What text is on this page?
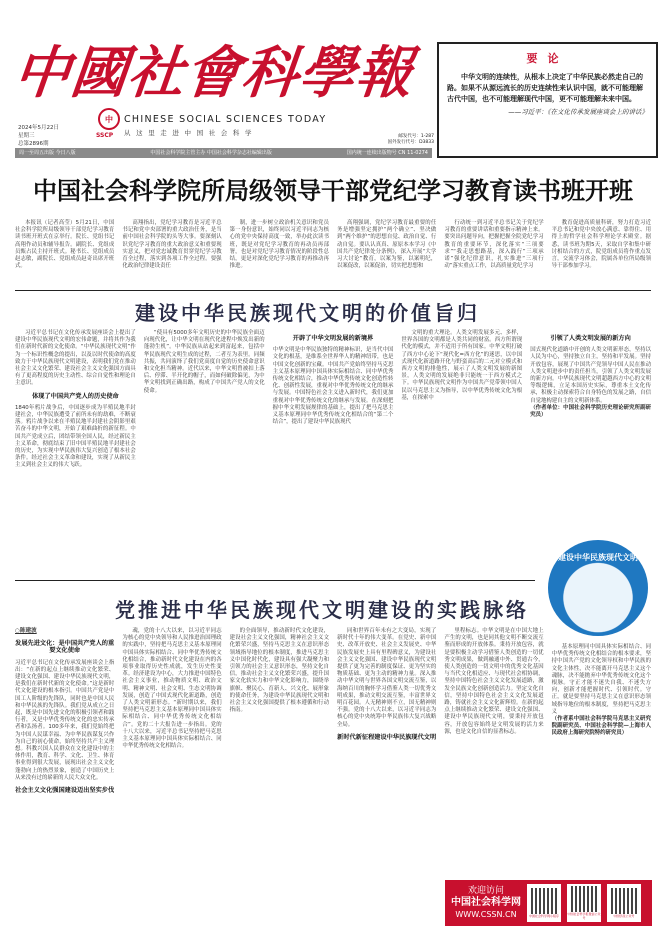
中國社會科學報
2024年5月22日
星期三
总第2896期
中
SSCP
CHINESE SOCIAL SCIENCES TODAY
从这里走进中国社会科学	邮发代号：1-287
国外发行代号：D3833
周一至周五出版 今日八版	中国社会科学院主管主办 中国社会科学杂志社编辑出版	国内统一连续出版物号 CN 11-0274
要论

中华文明的连续性，从根本上决定了中华民族必然走自己的路。如果不从源远流长的历史连续性来认识中国，就不可能理解古代中国，也不可能理解现代中国，更不可能理解未来中国。

——习近平：《在文化传承发展座谈会上的讲话》
中国社会科学院所局级领导干部党纪学习教育读书班开班
本报讯（记者高莹）5月21日，中国社会科学院所局级领导干部党纪学习教育读书班开班式在京举行。院长、党组书记高翔作动员和辅导报告。副院长、党组成员甄占民主持开班式。秘书长、党组成员赵志敏，副院长、党组成员赵奇出席开班式。
高翔指出，党纪学习教育是习近平总书记和党中央部署的重大政治任务，是当前中国社会科学院的头等大事。要深刻认识党纪学习教育的重大政治意义和重要现实意义，把对党忠诚教育贯穿党纪学习教育全过程，落实到各项工作全过程。要强化政治纪律建设责任
制，进一步树立政治机关意识和党员第一身份意识，始终同以习近平同志为核心的党中央保持高度一致，举办此次读书班，既是对党纪学习教育的再动员再部署，也是对党纪学习教育情况的阶段性总结，更是对深化党纪学习教育的再推动再推进。
高翔强调，党纪学习教育最重要的任务是增强坚定拥护“两个确立”、坚决做到“两个维护”的思想自觉、政治自觉、行动自觉。要认认真真、原原本本学习《中国共产党纪律处分条例》，深入开展“大学习大讨论”教育，以案为鉴，以案明纪，以案促改，以案促治，切实把思想和
行动统一到习近平总书记关于党纪学习教育的重要讲话和重要指示精神上来。要突出问题导向，把握把握全院党纪学习教育的重要环节，深化落实“三项要求”“我走思想路基，深入践行”三项承诺”强化纪律意识，扎实推进“三项行动”落实重点工作，以高质量党纪学习
教育促进高质量科研，努力打造习近平总书记和党中央放心满意、靠得住、用得上的哲学社会科学理论学术殿堂。据悉，读书班为期5天，采取自学和集中研讨相结合的方式，院党组成员将作重点发言，交流学习体会，院属各单位所局级领导干部参加学习。
建设中华民族现代文明的价值旨归
习近平总书记在文化传承发展座谈会上提出了建设中华民族现代文明的宏伟命题，并将其作为我们在新时代新的文化使命。“中华民族现代文明”作为一个标识性概念的提出，以及以时代使命的高度致力于中华民族现代文明建设，表明我们党在推动社会主义文化繁荣、建设社会主义文化强国方面具有了更高程度的历史主动性、综合自觉性和理论自主意识。
体现了中国共产党人的历史使命
1840年鸦片战争后，中国逐步成为半殖民地半封建社会，中华民族遭受了前所未有的劫难，不断衰落。鸦片战争以来在半殖民地半封建社会阴影里艰苦奋斗的中华文明，开始了艰难曲折的新征程。中国共产党成立后，团结带领全国人民，经过新民主主义革命，彻底结束了旧中国半殖民地半封建社会的历史，为实现中华民族伟大复兴创造了根本社会条件。经过社会主义革命和建设，实现了从新民主主义到社会主义的伟大飞跃。
“使具有5000多年文明历史的中华民族全面迈向现代化，让中华文明在现代化进程中焕发出新的蓬勃生机”。中华民族从站起来到富起来，包括中华民族现代文明生成的过程，二者互为表里。同频共振，共同演绎了我们党高度自觉的历史使命意识和文化担当精神。近代以来，中华文明曾被扣上落后、停滞、半开化的帽子，而如何破除偏见，为中华文明找到正确出路，构成了中国共产党人的文化使命。
开辟了中华文明发展的新境界
中华文明是中华民族独特的精神标识，是当代中国文化的根基，是维系全世界华人的精神纽带，也是中国文化创新的宝藏。中国共产党始终坚持马克思主义基本原理同中国具体实际相结合、同中华优秀传统文化相结合，推动中华优秀传统文化创造性转化、创新性发展，重视对中华优秀传统文化的继承与发展。中国特色社会主义进入新时代，我们更加重视对中华优秀传统文化的继承与发展。在深刻把握中华文明发展规律的基础上，提出了把马克思主义基本原理同中华优秀传统文化相结合的“第二个结合”，提出了建设中华民族现代
文明的重大理论。人类文明发展多元、多样，世界各国的文明都是人类共同的财富。西方所谓现代化的模式，并不适用于所有国家。中华文明打破了西方中心论下“现代化=西方化”的迷思，以中国式现代化新道路开化与野蛮高后的二元对立模式和西方文明的排他性，展示了人类文明发展的新图景，人类文明的发展绝非只能统一于西方模式之下。中华民族现代文明作为中国共产党带领中国人民以马克思主义为指导，以中华优秀传统文化为根基，在探索中
引领了人类文明发展的新方向
国式现代化道路中开创的人类文明新形态，坚持以人民为中心，坚持独立自主，坚持和平发展。坚持开放包容，展现了中国共产党领导中国人民在推动人类文明进步中的责任担当，引领了人类文明发展的新方向。中华民族现代文明超越西方中心的文明等级逻辑，立足本国历史实际，尊重本土文化传承，积极主动探索符合自身特色的发展之路，自信自觉地构建自主的文明新体系。
（作者单位：中国社会科学院历史理论研究所副研究员）
建设中华民族现代文明
党推进中华民族现代文明建设的实践脉络
○陈建波
发展先进文化：是中国共产党人的重要文化使命
习近平总书记在文化传承发展座谈会上指出：“在新的起点上继续推动文化繁荣、建设文化强国、建设中华民族现代文明，是我们在新时代新的文化使命。”这是新时代文化建设的根本指引。中国共产党是中国工人阶级的先锋队，同时也是中国人民和中华民族的先锋队。我们党从成立之日起，既是中国先进文化的积极引领者和践行者，又是中华优秀传统文化的忠实传承者和弘扬者。100多年来，我们党始终把为中国人民谋幸福、为中华民族谋复兴作为自己的初心使命，始终坚持共产主义理想。科教兴国人民群众在文化建设中的主体作用，教育、科学、文化、卫生、体育事业得到很大发展，展现出社会主义文化蓬勃向上的热烈景象，创造了中国历史上从来没有过的崭新的人民大众文化。
社会主义文化强国建设迈出坚实步伐
魂，党的十八大以来，以习近平同志为核心的党中央领导和人民推进治国理政的实践中，坚持把马克思主义基本原理同中国具体实际相结合、同中华优秀传统文化相结合，推动新时代文化建设在内的各项事业取得历史性成就，发生历史性变革。经济建设为中心，大力推进中国特色社会主义事业，推动物质文明、政治文明、精神文明、社会文明、生态文明协调发展，创造了中国式现代化新道路，创造了人类文明新形态。“新时期以来，我们坚持把马克思主义基本原理同中国具体实际相结合、同中华优秀传统文化相结合”。党的二十大报告进一步指出。党的十八大以来，习近平总书记坚持把马克思主义基本原理同中国具体实际相结合、同中华优秀传统文化相结合。
的全面领导，推动新时代文化建设，建设社会主义文化强国，精神社会主义文化繁荣兴盛，坚持马克思主义在意识形态领域指导地位的根本制度，推进马克思主义中国化时代化，建设具有强大凝聚力和引领力的社会主义意识形态，坚持文化自信，推动社会主义文化繁荣兴盛，提升国家文化软实力和中华文化影响力，围绕举旗帜、聚民心、育新人、兴文化、展形象的使命任务，为建设中华民族现代文明和社会主义文化强国提供了根本遵循和行动指南。
同和世界百年未有之大变局，实现了新时代十年的伟大变革。在党史、新中国史、改革开放史、社会主义发展史、中华民族发展史上具有里程碑意义，为建设社会主义文化强国、建设中华民族现代文明提供了更为完善的制度保证、更为坚实的物质基础、更为主动的精神力量。深入推动中华文明与世界各国文明交流互鉴，以海纳百川的胸怀学习借鉴人类一切优秀文明成果，推动文明交流互鉴，丰富世界文明百花园。人无精神则不立，国无精神则不强。党的十八大以来，以习近平同志为核心的党中央统筹中华民族伟大复兴战略全局。
新时代新征程建设中华民族现代文明
里程标志。中华文明是在中国大地上产生的文明，也是同其他文明不断交流互鉴而形成的开放体系。秉持开放包容，就是要积极主动学习借鉴人类创造的一切优秀文明成果，做到融通中外、贯通古今，使人类创造的一切文明中的优秀文化基因与当代文化相适应、与现代社会相协调，坚持中国特色社会主义文化发展道路，激发全民族文化创新创造活力。坚定文化自信，坚持中国特色社会主义文化发展道路，铸就社会主义文化新辉煌。在新的起点上继续推动文化繁荣、建设文化强国、建设中华民族现代文明，要秉持开放包容，开放包容始终是文明发展的活力来源，也是文化自信的显著标志。
基本原理同中国具体实际相结合、同中华优秀传统文化相结合的根本要求，坚持中国共产党的文化领导权和中华民族的文化主体性，决不能离开马克思主义这个魂脉，决不能抛弃中华优秀传统文化这个根脉。守正才能不迷失自我、不迷失方向，创新才能把握时代、引领时代。守正，就是要坚持马克思主义在意识形态领域指导地位的根本制度，坚持把马克思主义
（作者系中国社会科学院马克思主义研究院副研究员、中国社会科学院—上海市人民政府上海研究院特约研究员）
欢迎访问
中国社会科学网
WWW.CSSN.CN	中国社会科学网小程序	中国社会科学报微信公众号	中国学派公众号
